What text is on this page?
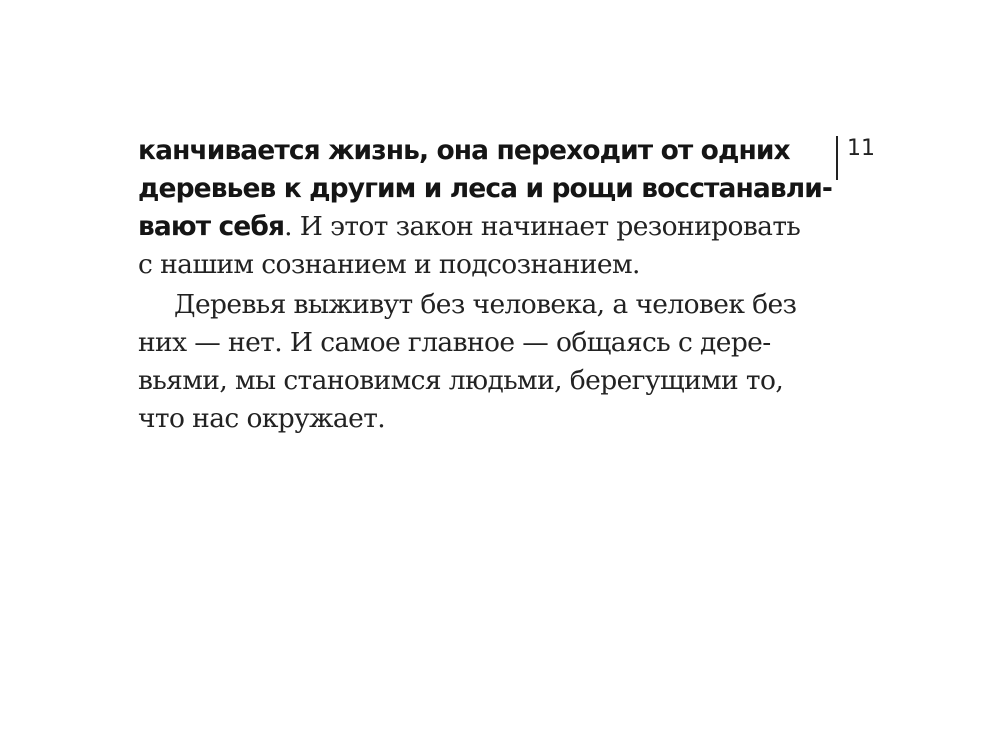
канчивается жизнь, она переходит от одних
деревьев к другим и леса и рощи восстанавли-
вают себя. И этот закон начинает резонировать
с нашим сознанием и подсознанием.
Деревья выживут без человека, а человек без
них — нет. И самое главное — общаясь с дере-
вьями, мы становимся людьми, берегущими то,
что нас окружает.
11
